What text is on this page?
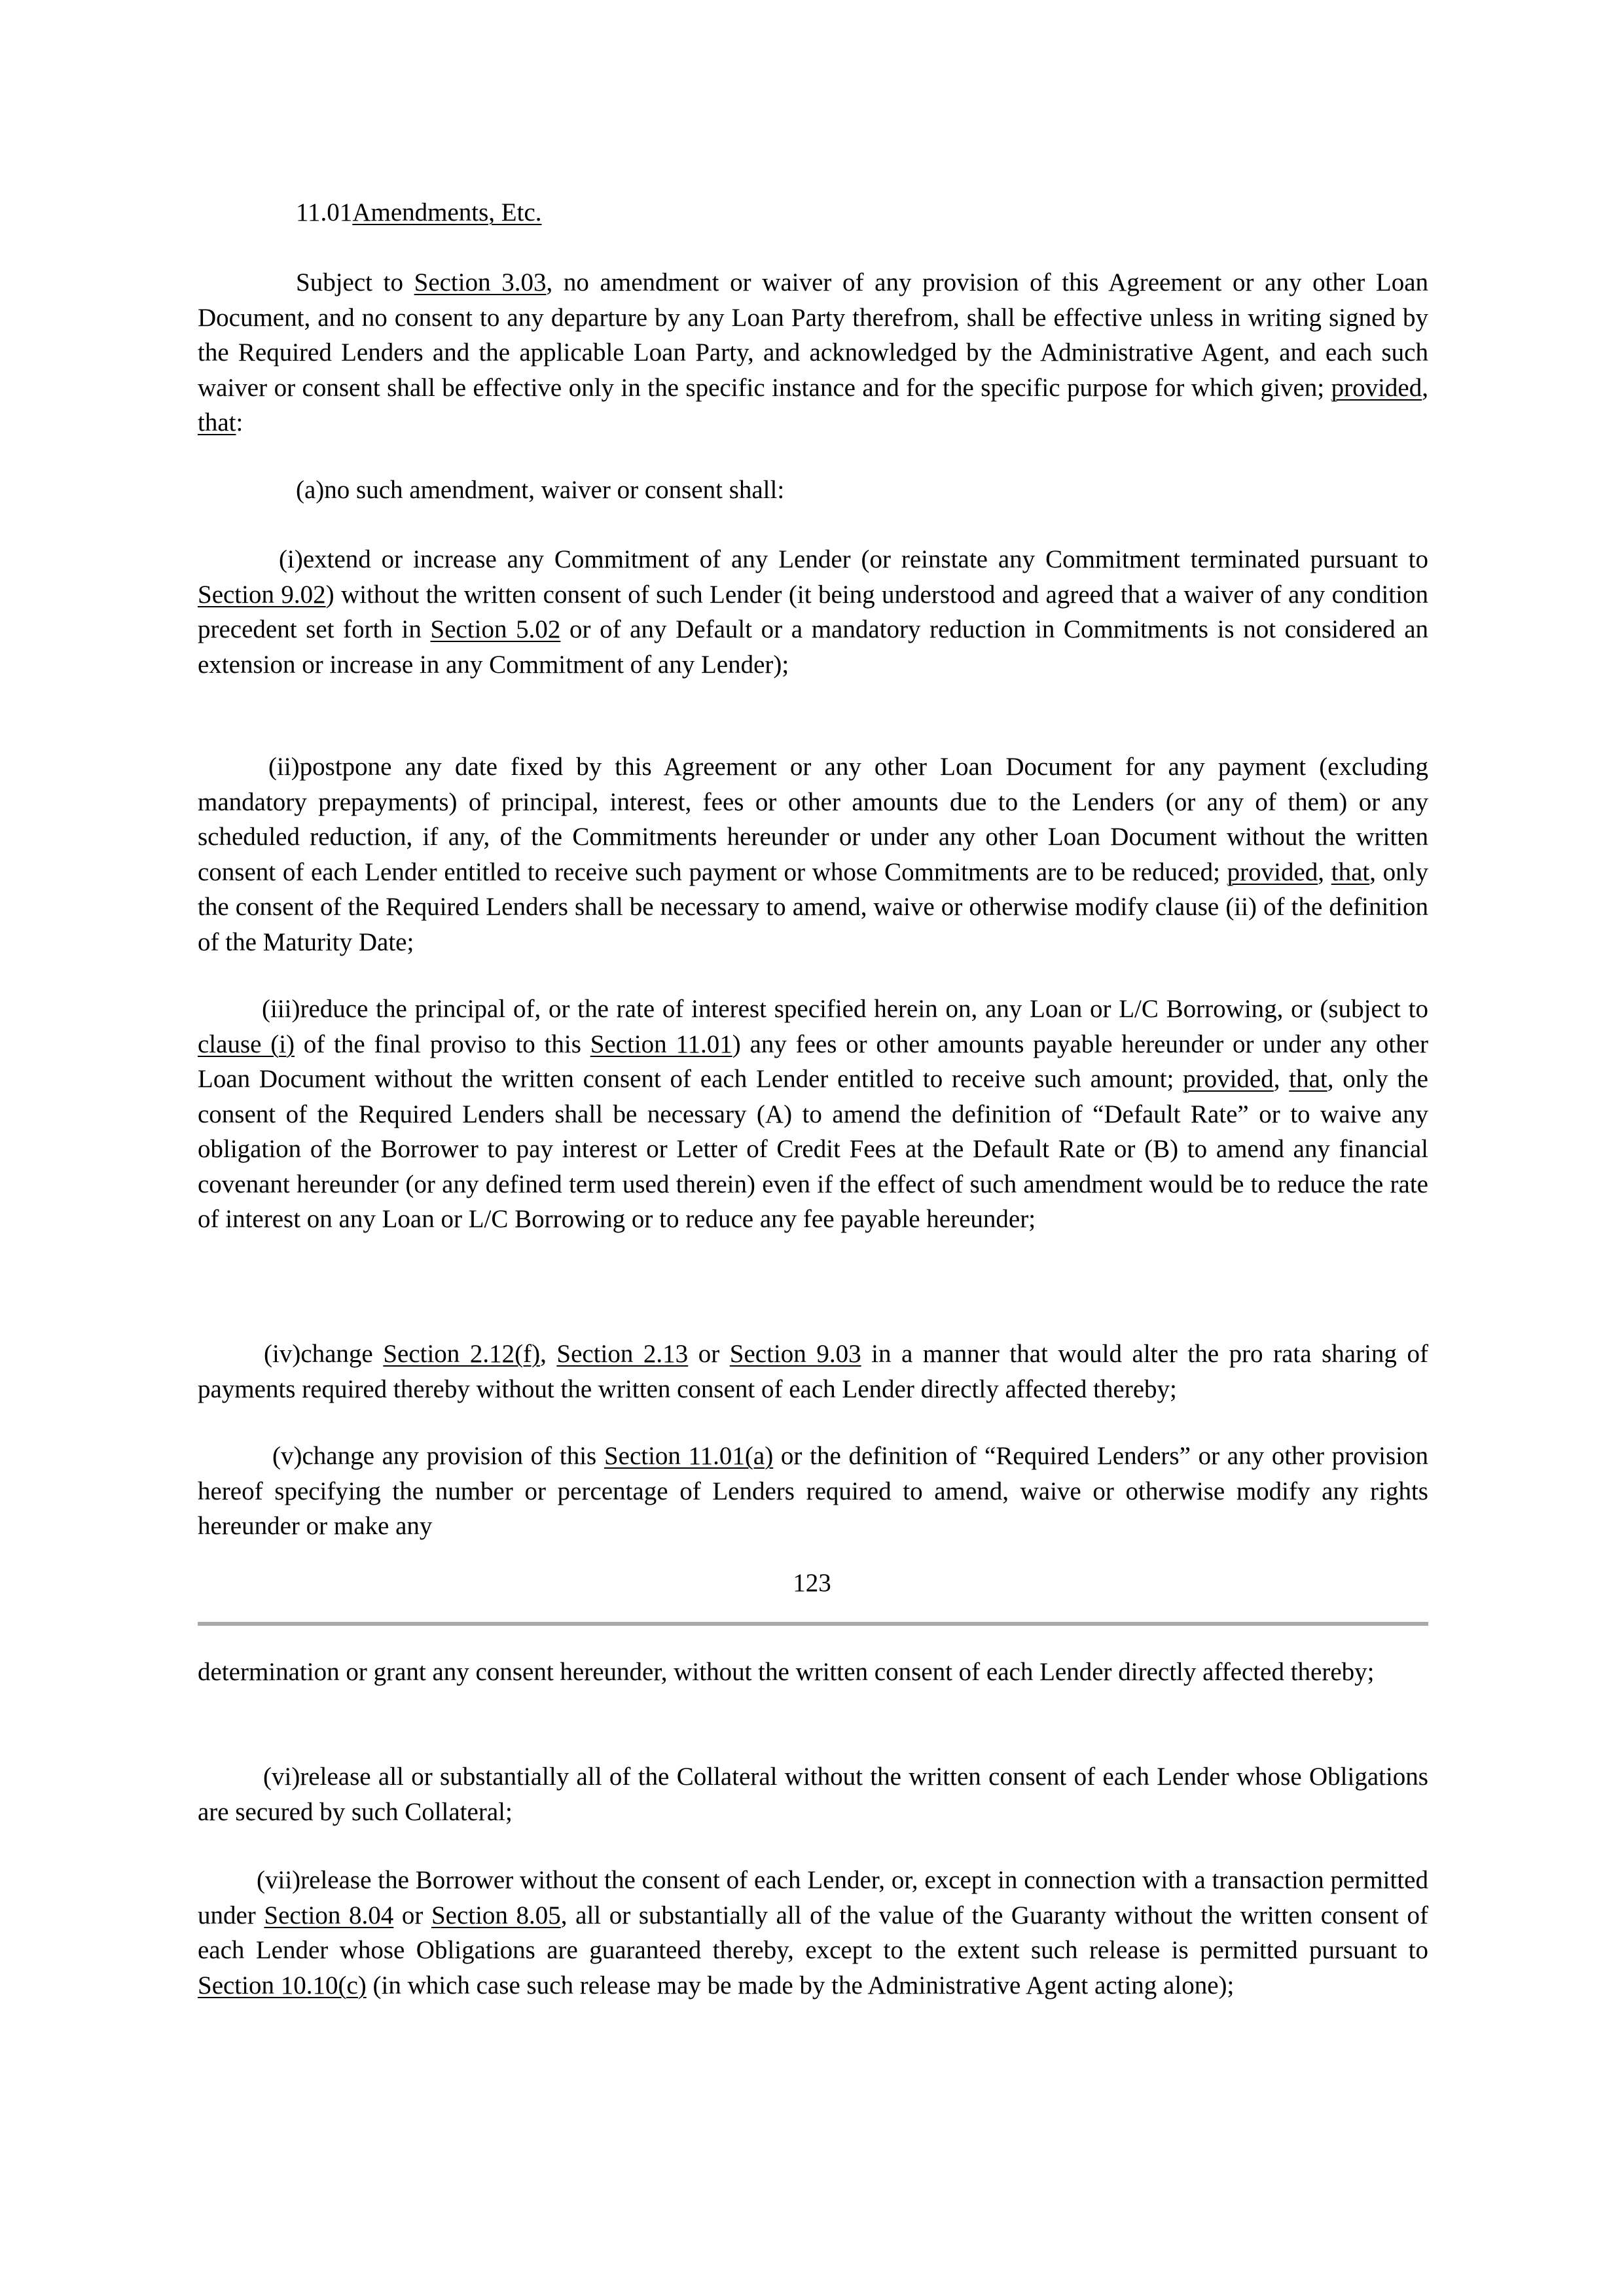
11.01Amendments, Etc.

Subject to Section 3.03, no amendment or waiver of any provision of this Agreement or any other Loan Document, and no consent to any departure by any Loan Party therefrom, shall be effective unless in writing signed by the Required Lenders and the applicable Loan Party, and acknowledged by the Administrative Agent, and each such waiver or consent shall be effective only in the specific instance and for the specific purpose for which given; provided, that:

(a)no such amendment, waiver or consent shall:

(i)extend or increase any Commitment of any Lender (or reinstate any Commitment terminated pursuant to Section 9.02) without the written consent of such Lender (it being understood and agreed that a waiver of any condition precedent set forth in Section 5.02 or of any Default or a mandatory reduction in Commitments is not considered an extension or increase in any Commitment of any Lender);

(ii)postpone any date fixed by this Agreement or any other Loan Document for any payment (excluding mandatory prepayments) of principal, interest, fees or other amounts due to the Lenders (or any of them) or any scheduled reduction, if any, of the Commitments hereunder or under any other Loan Document without the written consent of each Lender entitled to receive such payment or whose Commitments are to be reduced; provided, that, only the consent of the Required Lenders shall be necessary to amend, waive or otherwise modify clause (ii) of the definition of the Maturity Date;

(iii)reduce the principal of, or the rate of interest specified herein on, any Loan or L/C Borrowing, or (subject to clause (i) of the final proviso to this Section 11.01) any fees or other amounts payable hereunder or under any other Loan Document without the written consent of each Lender entitled to receive such amount; provided, that, only the consent of the Required Lenders shall be necessary (A) to amend the definition of “Default Rate” or to waive any obligation of the Borrower to pay interest or Letter of Credit Fees at the Default Rate or (B) to amend any financial covenant hereunder (or any defined term used therein) even if the effect of such amendment would be to reduce the rate of interest on any Loan or L/C Borrowing or to reduce any fee payable hereunder;

(iv)change Section 2.12(f), Section 2.13 or Section 9.03 in a manner that would alter the pro rata sharing of payments required thereby without the written consent of each Lender directly affected thereby;

(v)change any provision of this Section 11.01(a) or the definition of “Required Lenders” or any other provision hereof specifying the number or percentage of Lenders required to amend, waive or otherwise modify any rights hereunder or make any

123

determination or grant any consent hereunder, without the written consent of each Lender directly affected thereby;

(vi)release all or substantially all of the Collateral without the written consent of each Lender whose Obligations are secured by such Collateral;

(vii)release the Borrower without the consent of each Lender, or, except in connection with a transaction permitted under Section 8.04 or Section 8.05, all or substantially all of the value of the Guaranty without the written consent of each Lender whose Obligations are guaranteed thereby, except to the extent such release is permitted pursuant to Section 10.10(c) (in which case such release may be made by the Administrative Agent acting alone);
